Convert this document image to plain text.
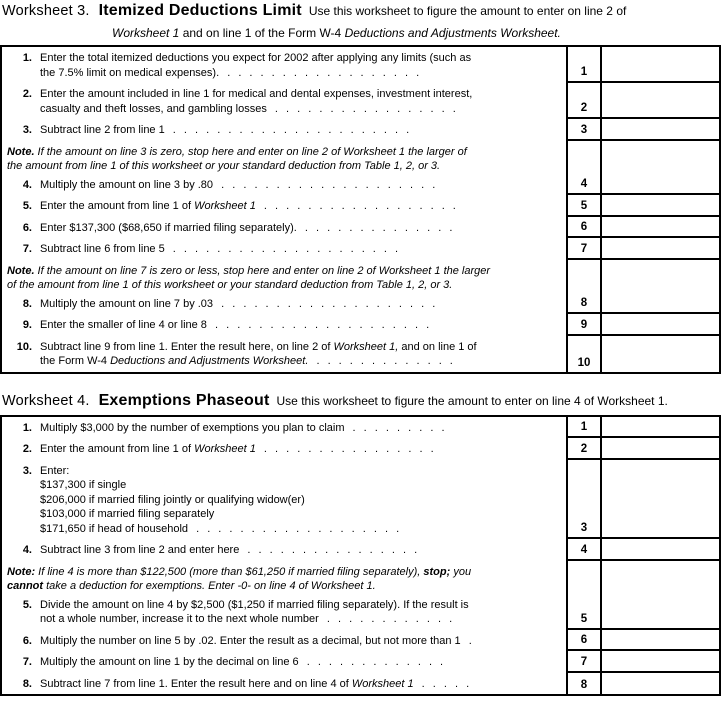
Worksheet 3. Itemized Deductions Limit Use this worksheet to figure the amount to enter on line 2 of
Worksheet 1 and on line 1 of the Form W-4 Deductions and Adjustments Worksheet.
1. Enter the total itemized deductions you expect for 2002 after applying any limits (such as
the 7.5% limit on medical expenses). . . . . . . . . . . . . . . . . . .	1
2. Enter the amount included in line 1 for medical and dental expenses, investment interest,
casualty and theft losses, and gambling losses . . . . . . . . . . . . . . . . .	2
3. Subtract line 2 from line 1 . . . . . . . . . . . . . . . . . . . . . .	3
Note. If the amount on line 3 is zero, stop here and enter on line 2 of Worksheet 1 the larger of
the amount from line 1 of this worksheet or your standard deduction from Table 1, 2, or 3.
4. Multiply the amount on line 3 by .80 . . . . . . . . . . . . . . . . . . . .	4
5. Enter the amount from line 1 of Worksheet 1 . . . . . . . . . . . . . . . . . .	5
6. Enter $137,300 ($68,650 if married filing separately). . . . . . . . . . . . . . .	6
7. Subtract line 6 from line 5 . . . . . . . . . . . . . . . . . . . . .	7
Note. If the amount on line 7 is zero or less, stop here and enter on line 2 of Worksheet 1 the larger
of the amount from line 1 of this worksheet or your standard deduction from Table 1, 2, or 3.
8. Multiply the amount on line 7 by .03 . . . . . . . . . . . . . . . . . . . .	8
9. Enter the smaller of line 4 or line 8 . . . . . . . . . . . . . . . . . . . .	9
10. Subtract line 9 from line 1. Enter the result here, on line 2 of Worksheet 1, and on line 1 of
the Form W-4 Deductions and Adjustments Worksheet. . . . . . . . . . . . . .	10
Worksheet 4. Exemptions Phaseout Use this worksheet to figure the amount to enter on line 4 of Worksheet 1.
1. Multiply $3,000 by the number of exemptions you plan to claim . . . . . . . . .	1
2. Enter the amount from line 1 of Worksheet 1 . . . . . . . . . . . . . . . .	2
3. Enter:
$137,300 if single
$206,000 if married filing jointly or qualifying widow(er)
$103,000 if married filing separately
$171,650 if head of household . . . . . . . . . . . . . . . . . . .	3
4. Subtract line 3 from line 2 and enter here . . . . . . . . . . . . . . . .	4
Note: If line 4 is more than $122,500 (more than $61,250 if married filing separately), stop; you
cannot take a deduction for exemptions. Enter -0- on line 4 of Worksheet 1.
5. Divide the amount on line 4 by $2,500 ($1,250 if married filing separately). If the result is
not a whole number, increase it to the next whole number . . . . . . . . . . . .	5
6. Multiply the number on line 5 by .02. Enter the result as a decimal, but not more than 1 .	6
7. Multiply the amount on line 1 by the decimal on line 6 . . . . . . . . . . . . .	7
8. Subtract line 7 from line 1. Enter the result here and on line 4 of Worksheet 1 . . . . .	8
